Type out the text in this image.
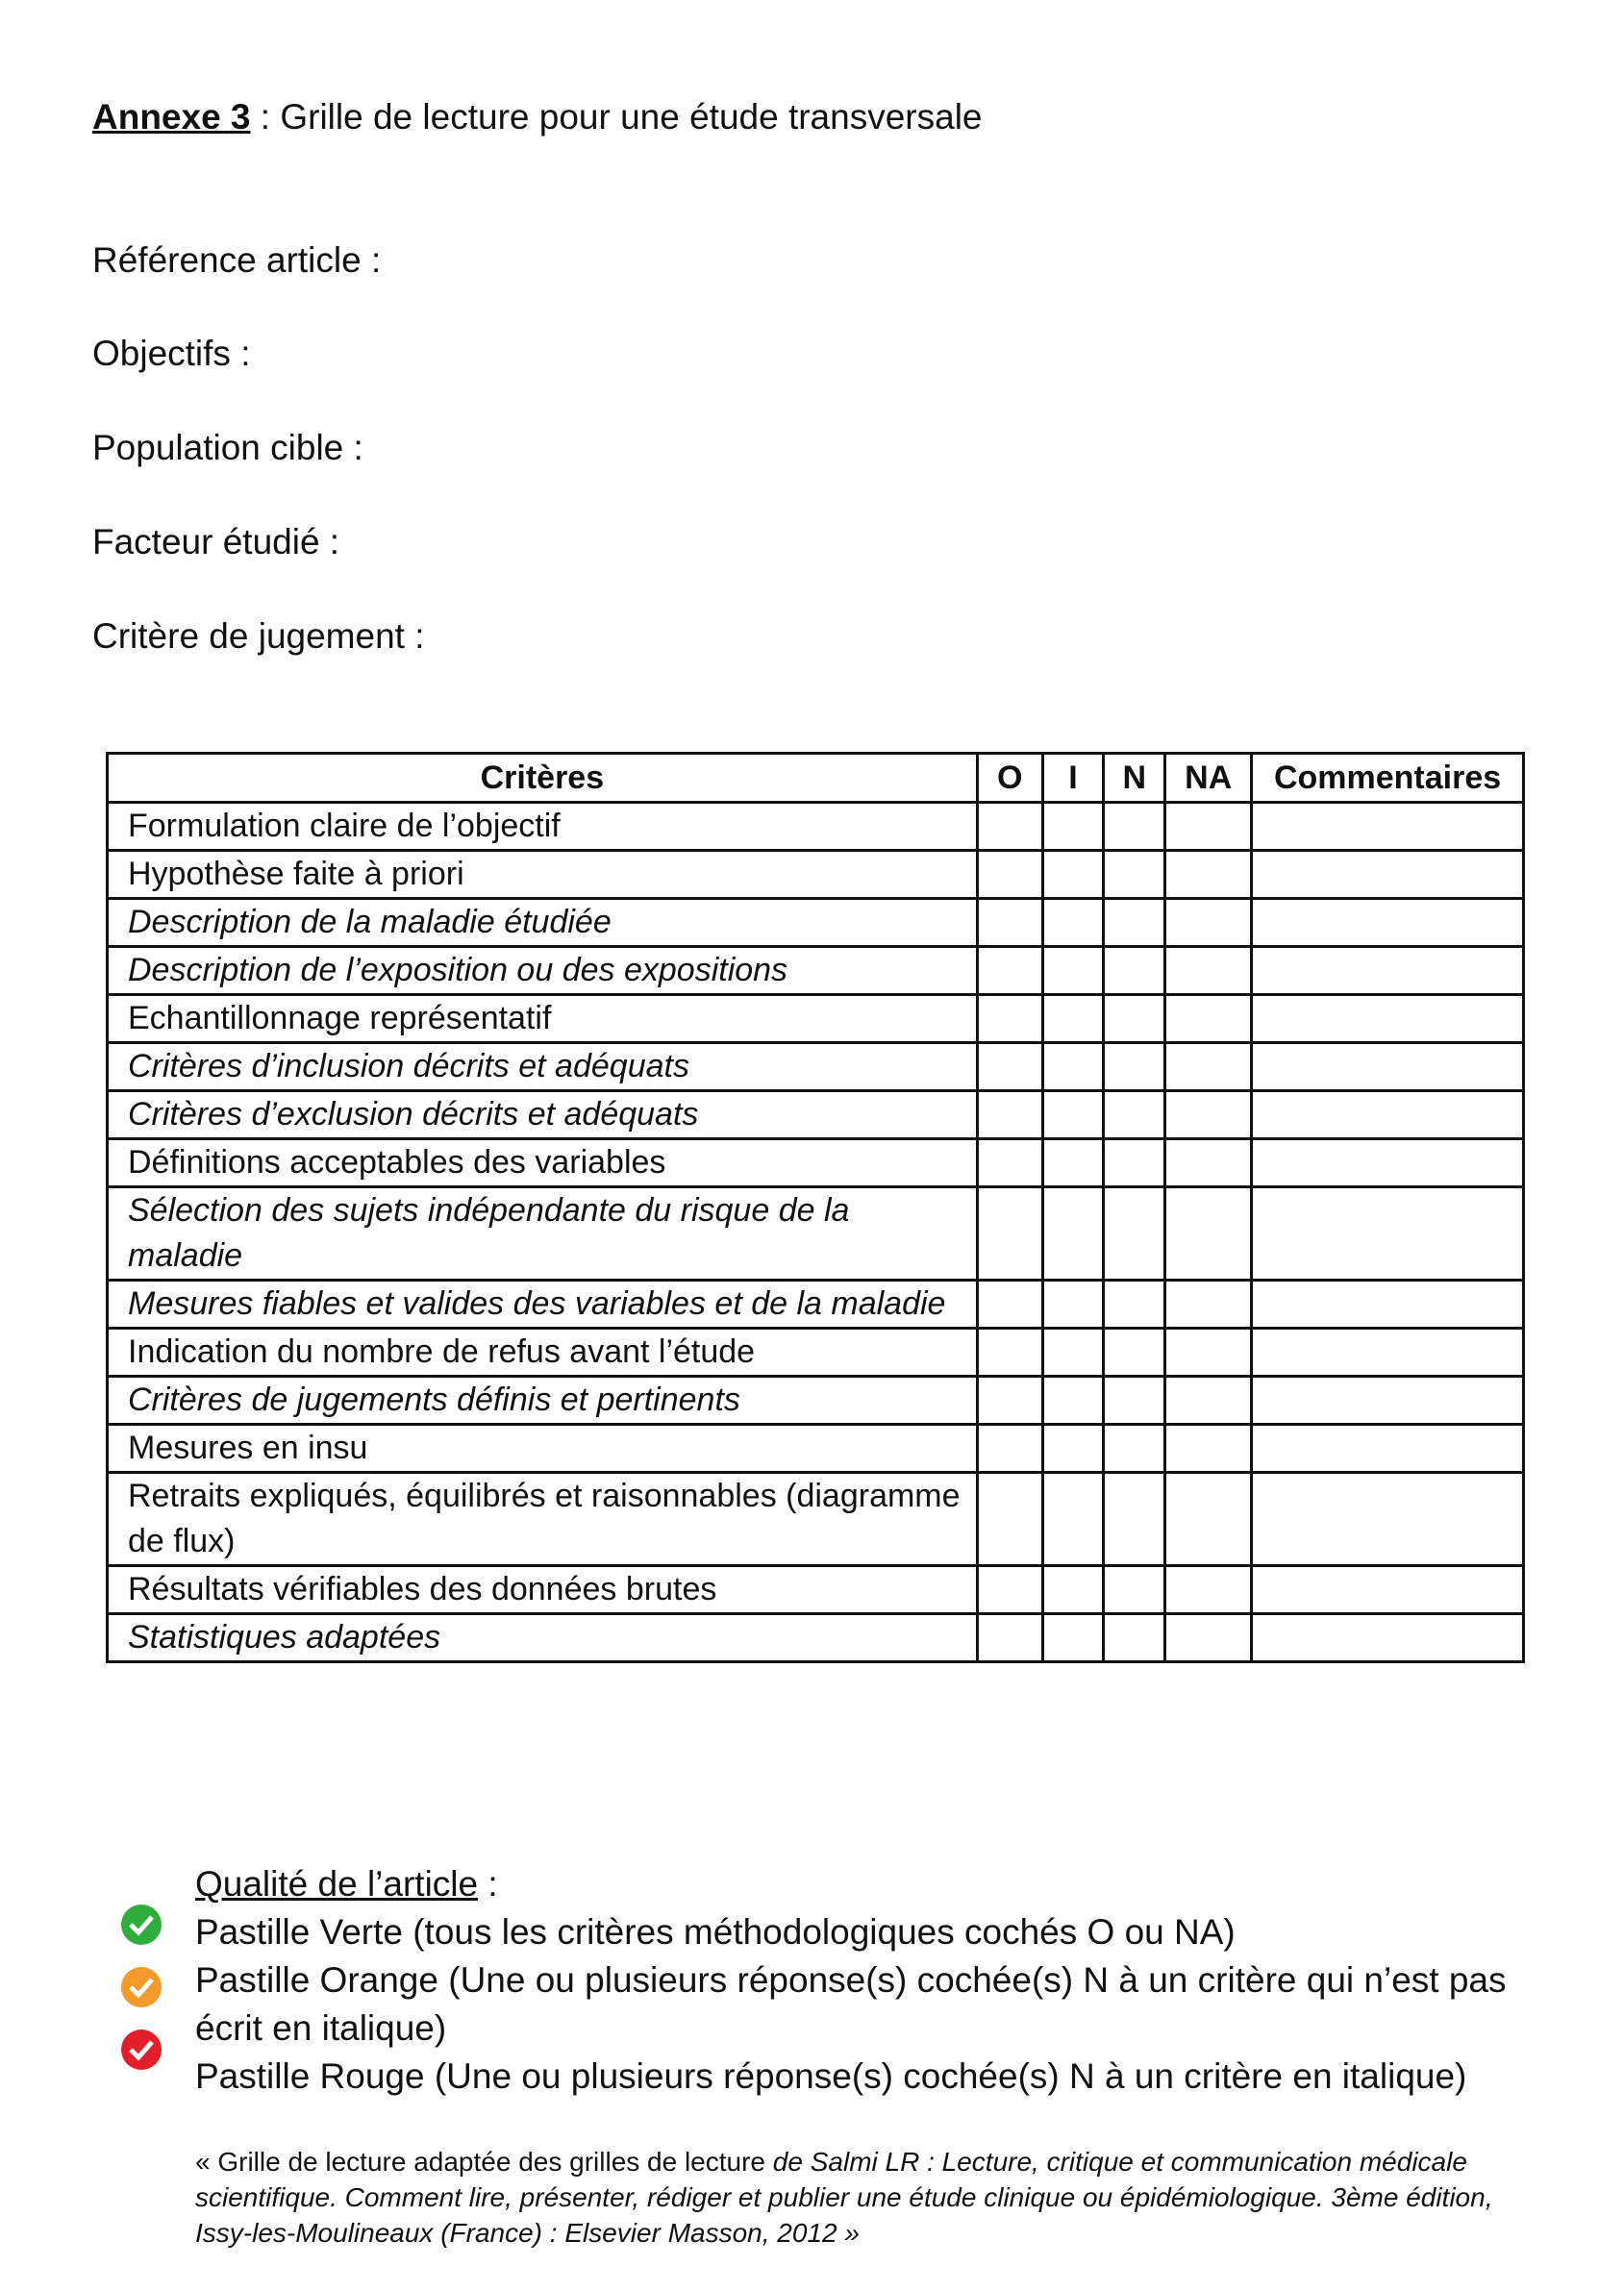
Annexe 3 : Grille de lecture pour une étude transversale
Référence article :
Objectifs :
Population cible :
Facteur étudié :
Critère de jugement :
Critères	O	I	N	NA	Commentaires
Formulation claire de l’objectif					
Hypothèse faite à priori					
Description de la maladie étudiée					
Description de l’exposition ou des expositions					
Echantillonnage représentatif					
Critères d’inclusion décrits et adéquats					
Critères d’exclusion décrits et adéquats					
Définitions acceptables des variables					
Sélection des sujets indépendante du risque de la maladie					
Mesures fiables et valides des variables et de la maladie					
Indication du nombre de refus avant l’étude					
Critères de jugements définis et pertinents					
Mesures en insu					
Retraits expliqués, équilibrés et raisonnables (diagramme de flux)					
Résultats vérifiables des données brutes					
Statistiques adaptées					
Qualité de l’article :
Pastille Verte (tous les critères méthodologiques cochés O ou NA)
Pastille Orange (Une ou plusieurs réponse(s) cochée(s) N à un critère qui n’est pas écrit en italique)
Pastille Rouge (Une ou plusieurs réponse(s) cochée(s) N à un critère en italique)
« Grille de lecture adaptée des grilles de lecture de Salmi LR : Lecture, critique et communication médicale scientifique. Comment lire, présenter, rédiger et publier une étude clinique ou épidémiologique. 3ème édition, Issy-les-Moulineaux (France) : Elsevier Masson, 2012 »
